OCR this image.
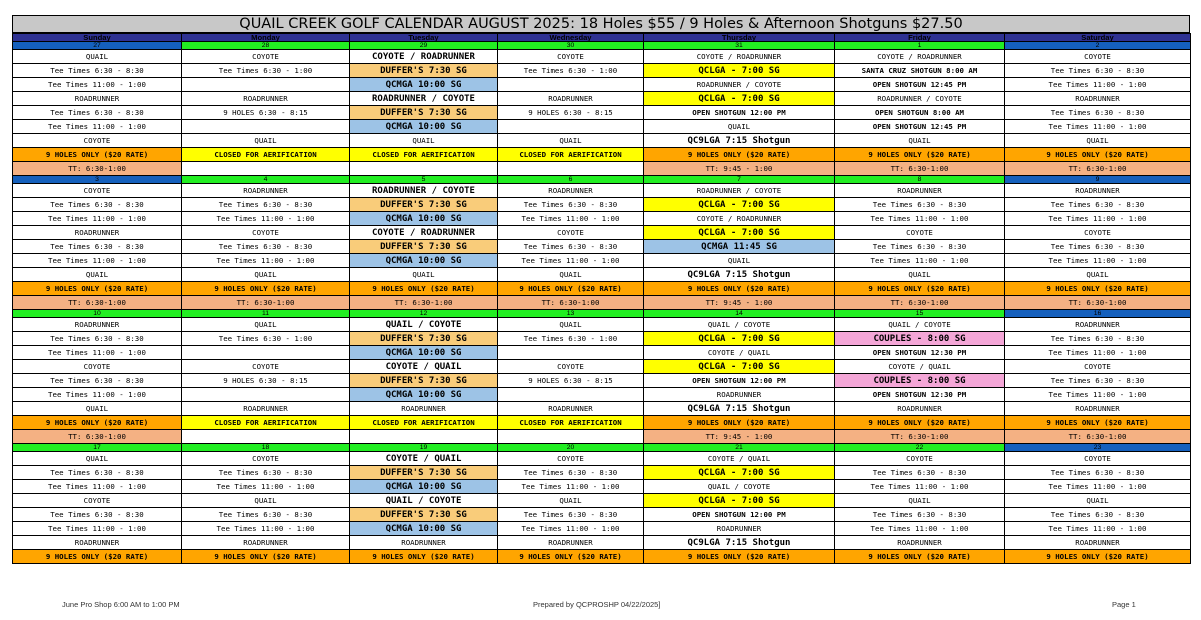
QUAIL CREEK GOLF CALENDAR AUGUST 2025: 18 Holes $55 / 9 Holes & Afternoon Shotguns $27.50
Sunday	Monday	Tuesday	Wednesday	Thursday	Friday	Saturday
27	28	29	30	31	1	2
QUAIL	COYOTE	COYOTE / ROADRUNNER	COYOTE	COYOTE / ROADRUNNER	COYOTE / ROADRUNNER	COYOTE
Tee Times 6:30 - 8:30	Tee Times 6:30 - 1:00	DUFFER'S 7:30 SG	Tee Times 6:30 - 1:00	QCLGA - 7:00 SG	SANTA CRUZ SHOTGUN 8:00 AM	Tee Times 6:30 - 8:30
Tee Times 11:00 - 1:00		QCMGA 10:00 SG		ROADRUNNER / COYOTE	OPEN SHOTGUN 12:45 PM	Tee Times 11:00 - 1:00
ROADRUNNER	ROADRUNNER	ROADRUNNER / COYOTE	ROADRUNNER	QCLGA - 7:00 SG	ROADRUNNER / COYOTE	ROADRUNNER
Tee Times 6:30 - 8:30	9 HOLES 6:30 - 8:15	DUFFER'S 7:30 SG	9 HOLES 6:30 - 8:15	OPEN SHOTGUN 12:00 PM	OPEN SHOTGUN 8:00 AM	Tee Times 6:30 - 8:30
Tee Times 11:00 - 1:00		QCMGA 10:00 SG		QUAIL	OPEN SHOTGUN 12:45 PM	Tee Times 11:00 - 1:00
COYOTE	QUAIL	QUAIL	QUAIL	QC9LGA 7:15 Shotgun	QUAIL	QUAIL
9 HOLES ONLY ($20 RATE)	CLOSED FOR AERIFICATION	CLOSED FOR AERIFICATION	CLOSED FOR AERIFICATION	9 HOLES ONLY ($20 RATE)	9 HOLES ONLY ($20 RATE)	9 HOLES ONLY ($20 RATE)
TT: 6:30-1:00				TT: 9:45 - 1:00	TT: 6:30-1:00	TT: 6:30-1:00
3	4	5	6	7	8	9
COYOTE	ROADRUNNER	ROADRUNNER / COYOTE	ROADRUNNER	ROADRUNNER / COYOTE	ROADRUNNER	ROADRUNNER
Tee Times 6:30 - 8:30	Tee Times 6:30 - 8:30	DUFFER'S 7:30 SG	Tee Times 6:30 - 8:30	QCLGA - 7:00 SG	Tee Times 6:30 - 8:30	Tee Times 6:30 - 8:30
Tee Times 11:00 - 1:00	Tee Times 11:00 - 1:00	QCMGA 10:00 SG	Tee Times 11:00 - 1:00	COYOTE / ROADRUNNER	Tee Times 11:00 - 1:00	Tee Times 11:00 - 1:00
ROADRUNNER	COYOTE	COYOTE / ROADRUNNER	COYOTE	QCLGA - 7:00 SG	COYOTE	COYOTE
Tee Times 6:30 - 8:30	Tee Times 6:30 - 8:30	DUFFER'S 7:30 SG	Tee Times 6:30 - 8:30	QCMGA 11:45 SG	Tee Times 6:30 - 8:30	Tee Times 6:30 - 8:30
Tee Times 11:00 - 1:00	Tee Times 11:00 - 1:00	QCMGA 10:00 SG	Tee Times 11:00 - 1:00	QUAIL	Tee Times 11:00 - 1:00	Tee Times 11:00 - 1:00
QUAIL	QUAIL	QUAIL	QUAIL	QC9LGA 7:15 Shotgun	QUAIL	QUAIL
9 HOLES ONLY ($20 RATE)	9 HOLES ONLY ($20 RATE)	9 HOLES ONLY ($20 RATE)	9 HOLES ONLY ($20 RATE)	9 HOLES ONLY ($20 RATE)	9 HOLES ONLY ($20 RATE)	9 HOLES ONLY ($20 RATE)
TT: 6:30-1:00	TT: 6:30-1:00	TT: 6:30-1:00	TT: 6:30-1:00	TT: 9:45 - 1:00	TT: 6:30-1:00	TT: 6:30-1:00
10	11	12	13	14	15	16
ROADRUNNER	QUAIL	QUAIL / COYOTE	QUAIL	QUAIL / COYOTE	QUAIL / COYOTE	ROADRUNNER
Tee Times 6:30 - 8:30	Tee Times 6:30 - 1:00	DUFFER'S 7:30 SG	Tee Times 6:30 - 1:00	QCLGA - 7:00 SG	COUPLES - 8:00 SG	Tee Times 6:30 - 8:30
Tee Times 11:00 - 1:00		QCMGA 10:00 SG		COYOTE / QUAIL	OPEN SHOTGUN 12:30 PM	Tee Times 11:00 - 1:00
COYOTE	COYOTE	COYOTE / QUAIL	COYOTE	QCLGA - 7:00 SG	COYOTE / QUAIL	COYOTE
Tee Times 6:30 - 8:30	9 HOLES 6:30 - 8:15	DUFFER'S 7:30 SG	9 HOLES 6:30 - 8:15	OPEN SHOTGUN 12:00 PM	COUPLES - 8:00 SG	Tee Times 6:30 - 8:30
Tee Times 11:00 - 1:00		QCMGA 10:00 SG		ROADRUNNER	OPEN SHOTGUN 12:30 PM	Tee Times 11:00 - 1:00
QUAIL	ROADRUNNER	ROADRUNNER	ROADRUNNER	QC9LGA 7:15 Shotgun	ROADRUNNER	ROADRUNNER
9 HOLES ONLY ($20 RATE)	CLOSED FOR AERIFICATION	CLOSED FOR AERIFICATION	CLOSED FOR AERIFICATION	9 HOLES ONLY ($20 RATE)	9 HOLES ONLY ($20 RATE)	9 HOLES ONLY ($20 RATE)
TT: 6:30-1:00				TT: 9:45 - 1:00	TT: 6:30-1:00	TT: 6:30-1:00
17	18	19	20	21	22	23
QUAIL	COYOTE	COYOTE / QUAIL	COYOTE	COYOTE / QUAIL	COYOTE	COYOTE
Tee Times 6:30 - 8:30	Tee Times 6:30 - 8:30	DUFFER'S 7:30 SG	Tee Times 6:30 - 8:30	QCLGA - 7:00 SG	Tee Times 6:30 - 8:30	Tee Times 6:30 - 8:30
Tee Times 11:00 - 1:00	Tee Times 11:00 - 1:00	QCMGA 10:00 SG	Tee Times 11:00 - 1:00	QUAIL / COYOTE	Tee Times 11:00 - 1:00	Tee Times 11:00 - 1:00
COYOTE	QUAIL	QUAIL / COYOTE	QUAIL	QCLGA - 7:00 SG	QUAIL	QUAIL
Tee Times 6:30 - 8:30	Tee Times 6:30 - 8:30	DUFFER'S 7:30 SG	Tee Times 6:30 - 8:30	OPEN SHOTGUN 12:00 PM	Tee Times 6:30 - 8:30	Tee Times 6:30 - 8:30
Tee Times 11:00 - 1:00	Tee Times 11:00 - 1:00	QCMGA 10:00 SG	Tee Times 11:00 - 1:00	ROADRUNNER	Tee Times 11:00 - 1:00	Tee Times 11:00 - 1:00
ROADRUNNER	ROADRUNNER	ROADRUNNER	ROADRUNNER	QC9LGA 7:15 Shotgun	ROADRUNNER	ROADRUNNER
9 HOLES ONLY ($20 RATE)	9 HOLES ONLY ($20 RATE)	9 HOLES ONLY ($20 RATE)	9 HOLES ONLY ($20 RATE)	9 HOLES ONLY ($20 RATE)	9 HOLES ONLY ($20 RATE)	9 HOLES ONLY ($20 RATE)
June Pro Shop 6:00 AM to 1:00 PM	Prepared by QCPROSHP 04/22/2025]	Page 1
